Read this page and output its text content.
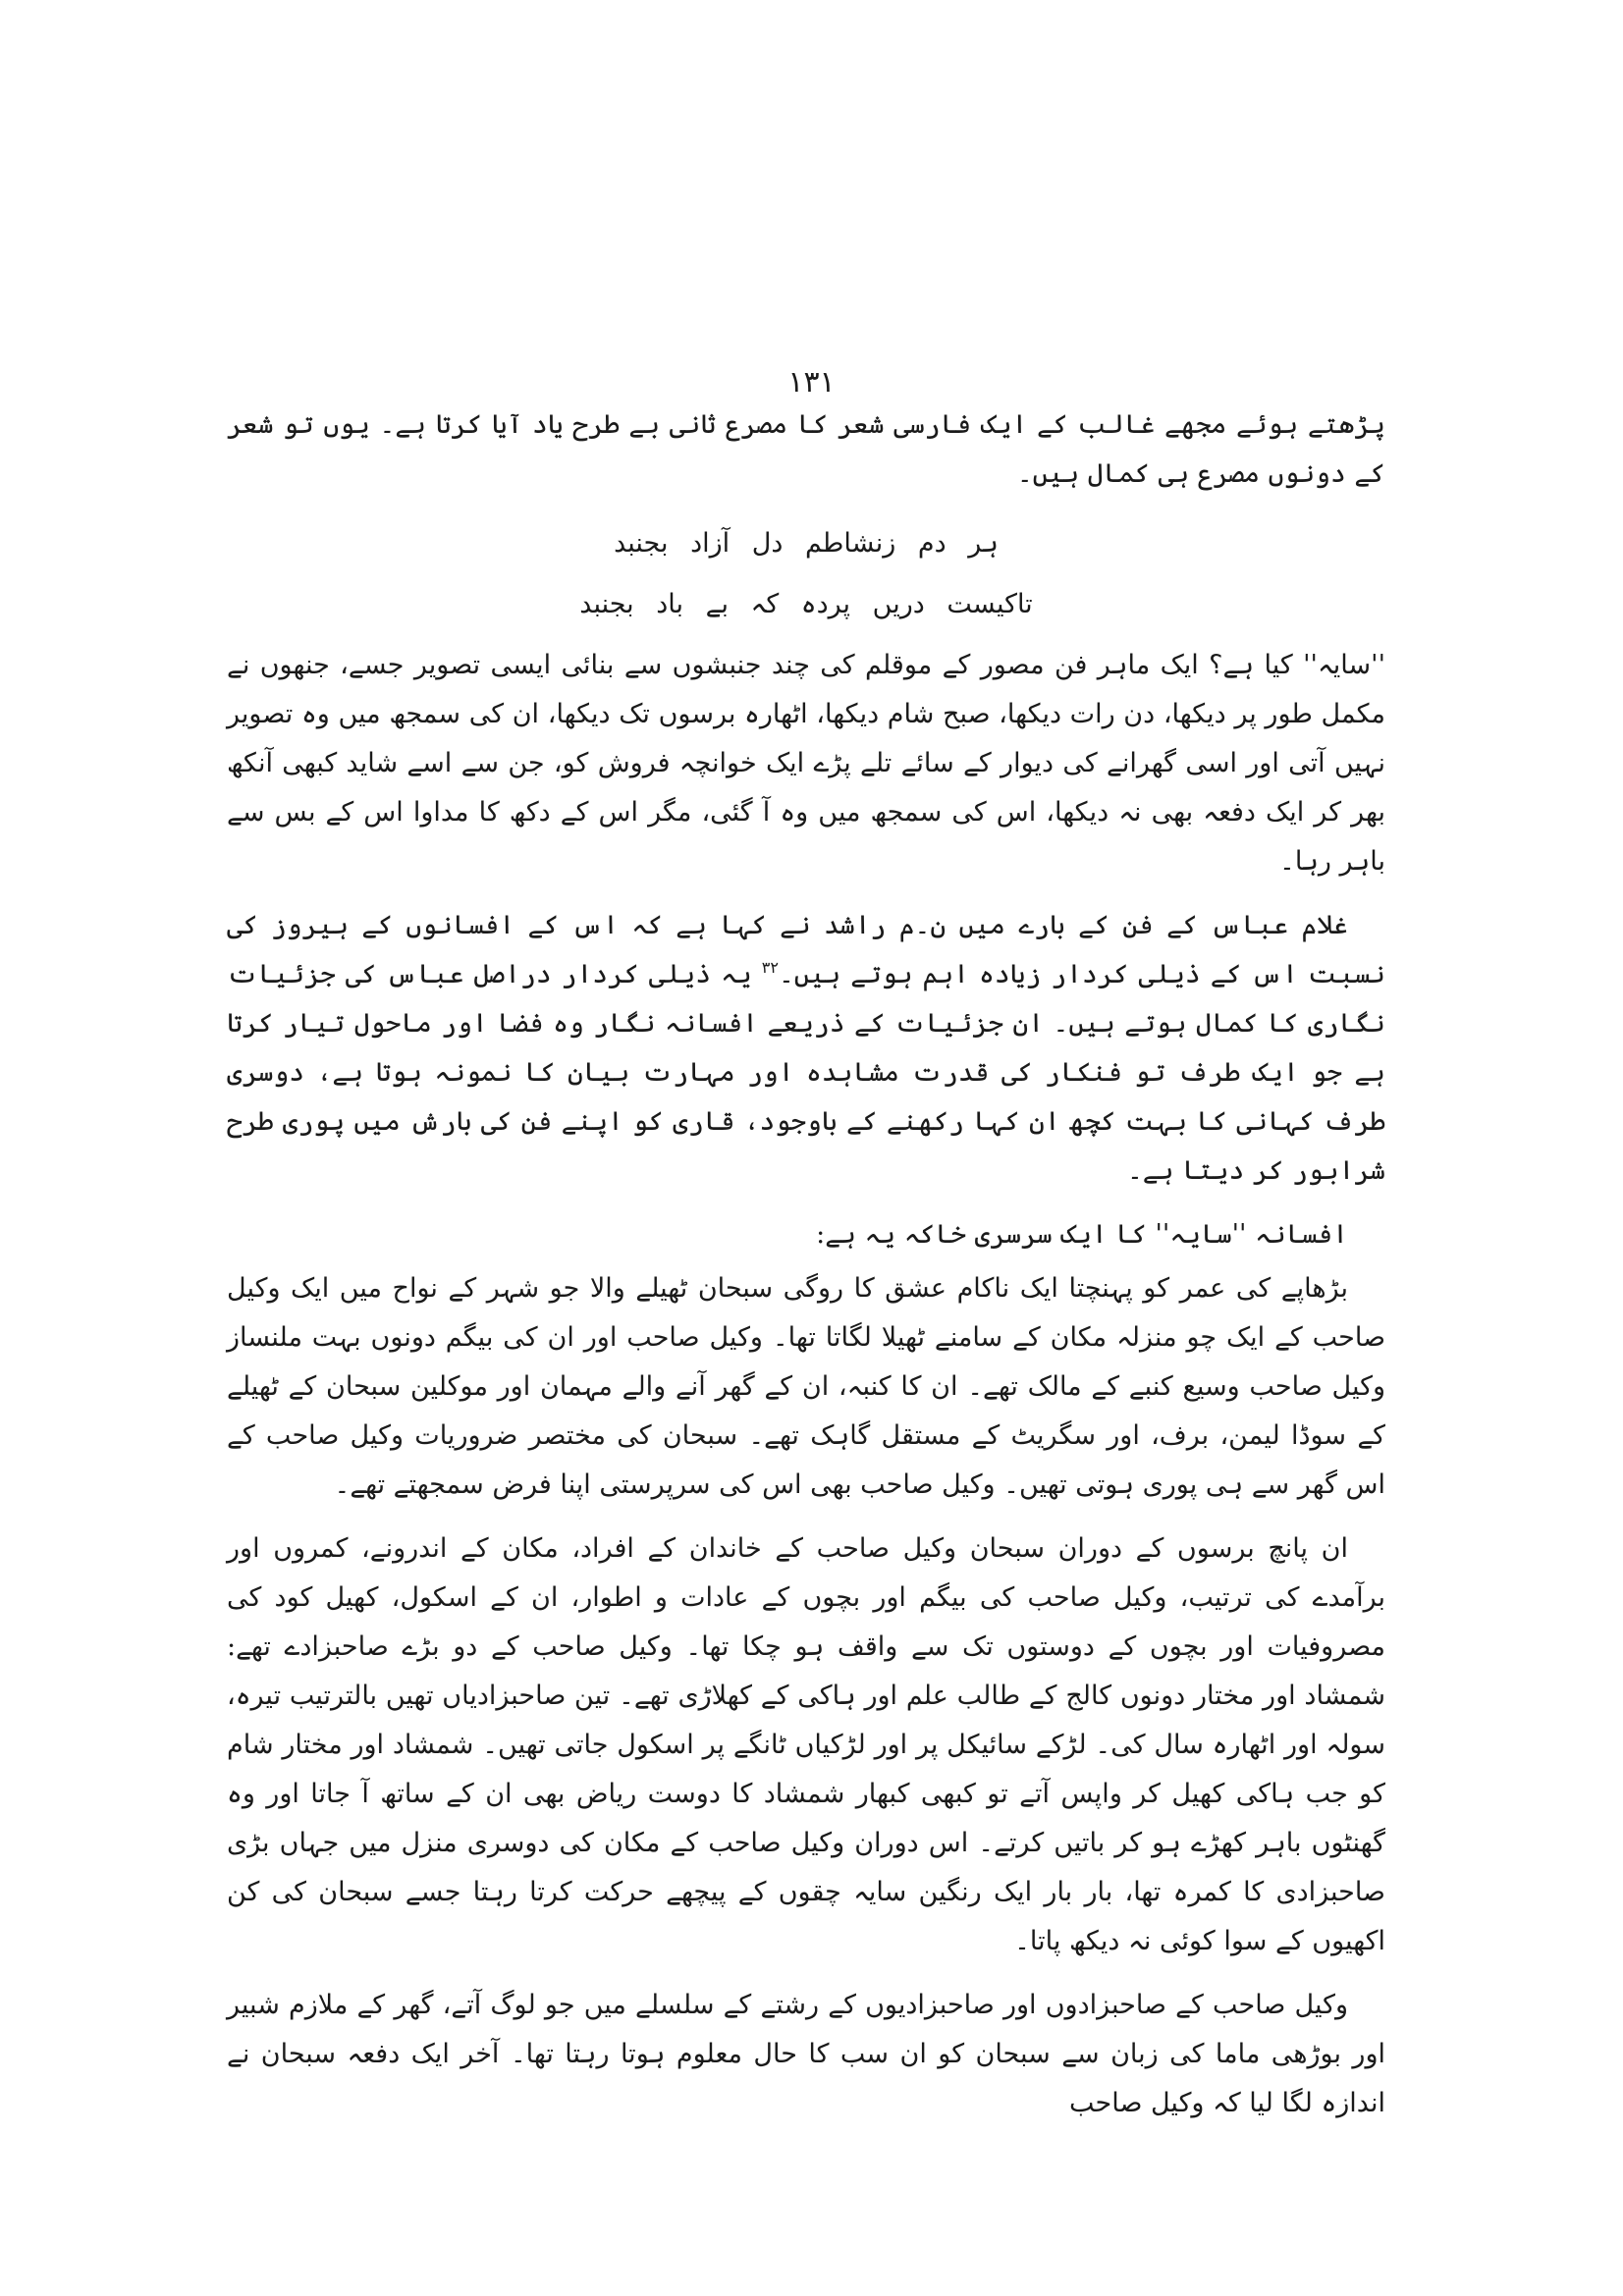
۱۳۱

پڑھتے ہوئے مجھے غالب کے ایک فارسی شعر کا مصرع ثانی بے طرح یاد آیا کرتا ہے۔ یوں تو شعر کے دونوں مصرع ہی کمال ہیں۔

ہر دم زنشاطم دل آزاد بجنبد

تاکیست دریں پردہ کہ بے باد بجنبد

''سایہ'' کیا ہے؟ ایک ماہر فن مصور کے موقلم کی چند جنبشوں سے بنائی ایسی تصویر جسے، جنھوں نے مکمل طور پر دیکھا، دن رات دیکھا، صبح شام دیکھا، اٹھارہ برسوں تک دیکھا، ان کی سمجھ میں وہ تصویر نہیں آتی اور اسی گھرانے کی دیوار کے سائے تلے پڑے ایک خوانچہ فروش کو، جن سے اسے شاید کبھی آنکھ بھر کر ایک دفعہ بھی نہ دیکھا، اس کی سمجھ میں وہ آ گئی، مگر اس کے دکھ کا مداوا اس کے بس سے باہر رہا۔

غلام عباس کے فن کے بارے میں ن۔م راشد نے کہا ہے کہ اس کے افسانوں کے ہیروز کی نسبت اس کے ذیلی کردار زیادہ اہم ہوتے ہیں۔$^{۳۲}$ یہ ذیلی کردار دراصل عباس کی جزئیات نگاری کا کمال ہوتے ہیں۔ ان جزئیات کے ذریعے افسانہ نگار وہ فضا اور ماحول تیار کرتا ہے جو ایک طرف تو فنکار کی قدرت مشاہدہ اور مہارت بیان کا نمونہ ہوتا ہے، دوسری طرف کہانی کا بہت کچھ ان کہا رکھنے کے باوجود، قاری کو اپنے فن کی بارش میں پوری طرح شرابور کر دیتا ہے۔

افسانہ ''سایہ'' کا ایک سرسری خاکہ یہ ہے:

بڑھاپے کی عمر کو پہنچتا ایک ناکام عشق کا روگی سبحان ٹھیلے والا جو شہر کے نواح میں ایک وکیل صاحب کے ایک چو منزلہ مکان کے سامنے ٹھیلا لگاتا تھا۔ وکیل صاحب اور ان کی بیگم دونوں بہت ملنساز وکیل صاحب وسیع کنبے کے مالک تھے۔ ان کا کنبہ، ان کے گھر آنے والے مہمان اور موکلین سبحان کے ٹھیلے کے سوڈا لیمن، برف، اور سگریٹ کے مستقل گاہک تھے۔ سبحان کی مختصر ضروریات وکیل صاحب کے اس گھر سے ہی پوری ہوتی تھیں۔ وکیل صاحب بھی اس کی سرپرستی اپنا فرض سمجھتے تھے۔

ان پانچ برسوں کے دوران سبحان وکیل صاحب کے خاندان کے افراد، مکان کے اندرونے، کمروں اور برآمدے کی ترتیب، وکیل صاحب کی بیگم اور بچوں کے عادات و اطوار، ان کے اسکول، کھیل کود کی مصروفیات اور بچوں کے دوستوں تک سے واقف ہو چکا تھا۔ وکیل صاحب کے دو بڑے صاحبزادے تھے: شمشاد اور مختار دونوں کالج کے طالب علم اور ہاکی کے کھلاڑی تھے۔ تین صاحبزادیاں تھیں بالترتیب تیرہ، سولہ اور اٹھارہ سال کی۔ لڑکے سائیکل پر اور لڑکیاں ٹانگے پر اسکول جاتی تھیں۔ شمشاد اور مختار شام کو جب ہاکی کھیل کر واپس آتے تو کبھی کبھار شمشاد کا دوست ریاض بھی ان کے ساتھ آ جاتا اور وہ گھنٹوں باہر کھڑے ہو کر باتیں کرتے۔ اس دوران وکیل صاحب کے مکان کی دوسری منزل میں جہاں بڑی صاحبزادی کا کمرہ تھا، بار بار ایک رنگین سایہ چقوں کے پیچھے حرکت کرتا رہتا جسے سبحان کی کن اکھیوں کے سوا کوئی نہ دیکھ پاتا۔

وکیل صاحب کے صاحبزادوں اور صاحبزادیوں کے رشتے کے سلسلے میں جو لوگ آتے، گھر کے ملازم شبیر اور بوڑھی ماما کی زبان سے سبحان کو ان سب کا حال معلوم ہوتا رہتا تھا۔ آخر ایک دفعہ سبحان نے اندازہ لگا لیا کہ وکیل صاحب
